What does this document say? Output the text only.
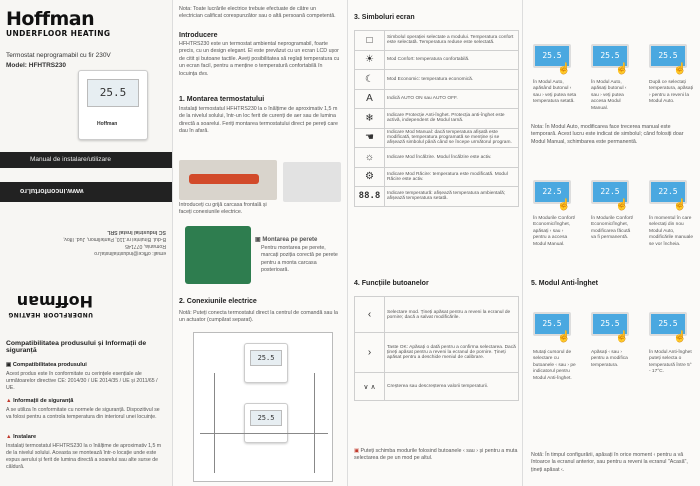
Hoffman
UNDERFLOOR HEATING
Termostat neprogramabil cu fir 230V
Model: HFHTRS230
25.5
Hoffman
Manual de instalare/utilizare
www.inconfortul.ro
email: office@industrialinstal.ro
Romania, 077145
B-dul. Biruintei nr.110, Pantelimon, Jud. Ilfov,
SC Industrial Instal SRL
UNDERFLOOR HEATING
Hoffman
Compatibilitatea produsului și Informații de siguranță
▣ Compatibilitatea produsului
Acest produs este în conformitate cu cerințele esențiale ale următoarelor directive CE: 2014/30 / UE 2014/35 / UE și 2011/65 / UE.
▲ Informații de siguranță
A se utiliza în conformitate cu normele de siguranță. Dispozitivul se va folosi pentru a controla temperatura din interiorul unei locuințe.
▲ Instalare
Instalați termostatul HFHTRS230 la o înălțime de aproximativ 1,5 m de la nivelul solului. Aceasta se montează într-o locație unde este expus aerului și ferit de lumina directă a soarelui sau alte surse de căldură.
Nota: Toate lucrările electrice trebuie efectuate de către un electrician calificat corespunzător sau o altă persoană competentă.
Introducere
HFHTRS230 este un termostat ambiental neprogramabil, foarte precis, cu un design elegant. El este prevăzut cu un ecran LCD ușor de citit și butoane tactile. Aveți posibilitatea să reglați temperatura cu un ecran facil, pentru a menține o temperatură confortabilă în locuința dvs.
1. Montarea termostatului
Instalați termostatul HFHTRS230 la o înălțime de aproximativ 1,5 m de la nivelul solului, într-un loc ferit de curenți de aer sau de lumina directă a soarelui. Feriți montarea termostatului direct pe pereți care dau în afară.
Introduceți cu grijă carcasa frontală și faceți conexiunile electrice.
▣ Montarea pe perete
Pentru montarea pe perete, marcați poziția corectă pe perete pentru a monta carcasa posterioară.
2. Conexiunile electrice
Notă: Puteți conecta termostatul direct la centrul de comandă sau la un actuator (cumpărat separat).
25.5
25.5
3. Simboluri ecran
□	Simbolul operației selectate a modului. Temperatura confort este selectată. Temperatura reduse este selectată.
☀	Mod Confort: temperatura confortabilă.
☾	Mod Economic: temperatura economică.
A	Indică AUTO ON sau AUTO OFF.
❄	Indicare Protecție Anti-înghet. Protecția anti-înghet este activă, independent de Modul Iarnă.
☚	Indicare Mod Manual: dacă temperatura afișată este modificată, temperatura programată se menține și se afișează simbolul până când se începe următorul program.
☼	Indicare Mod Încălzire. Modul Încălzire este activ.
⚙	Indicare Mod Răcire: temperatura este modificată. Modul Răcire este activ.
88.8	Indicare temperatură: afișează temperatura ambientală; afișează temperatura setată.
4. Funcțiile butoanelor
‹	Selectare mod. Țineți apăsat pentru a reveni la ecranul de pornire; dacă a salvat modificările.
›	Taste OK: Apăsați o dată pentru a confirma selectarea. Dacă țineți apăsat pentru a reveni la ecranul de pornire. Țineți apăsat pentru a deschide meniul de calibrare.
∨ ∧	Creșterea sau descreșterea valorii temperaturii.
▣ Puteți schimba modurile folosind butoanele ‹ sau › și pentru a muta selectarea de pe un mod pe altul.
25.5	25.5	25.5
☝	☝	☝
În Modul Auto, apăsând butonul ‹ sau › veți putea seta temperatura setată.
În Modul Auto, apăsați butonul ‹ sau › veți putea accesa Modul Manual.
După ce selectați temperatura, apăsați › pentru a reveni la Modul Auto.
Nota: În Modul Auto, modificarea face trecerea manual este temporară. Acest lucru este indicat de simbolul; când folosiți doar Modul Manual, schimbarea este permanentă.
22.5	22.5	22.5
☝	☝	☝
În Modurile Confort/ Economic/Înghet, apăsați ‹ sau › pentru a accesa Modul Manual.
În Modurile Confort/ Economic/Înghet, modificarea făcută va fi permanentă.
În momentul în care selectați din nou Modul Auto, modificările manuale se vor încheia.
5. Modul Anti-Înghet
25.5	25.5	25.5
☝	☝	☝
Mutați cursorul de selectare cu butoanele ‹ sau › pe indicatorul pentru Modul Anti-Înghet.
Apăsați ‹ sau › pentru a modifica temperatura.
În Modul Anti-Înghet puteți selecta o temperatură între 5° - 17°C.
Notă: În timpul configurării, apăsați în orice moment ‹ pentru a vă întoarce la ecranul anterior, sau pentru a reveni la ecranul "Acasă", țineți apăsat ‹.
